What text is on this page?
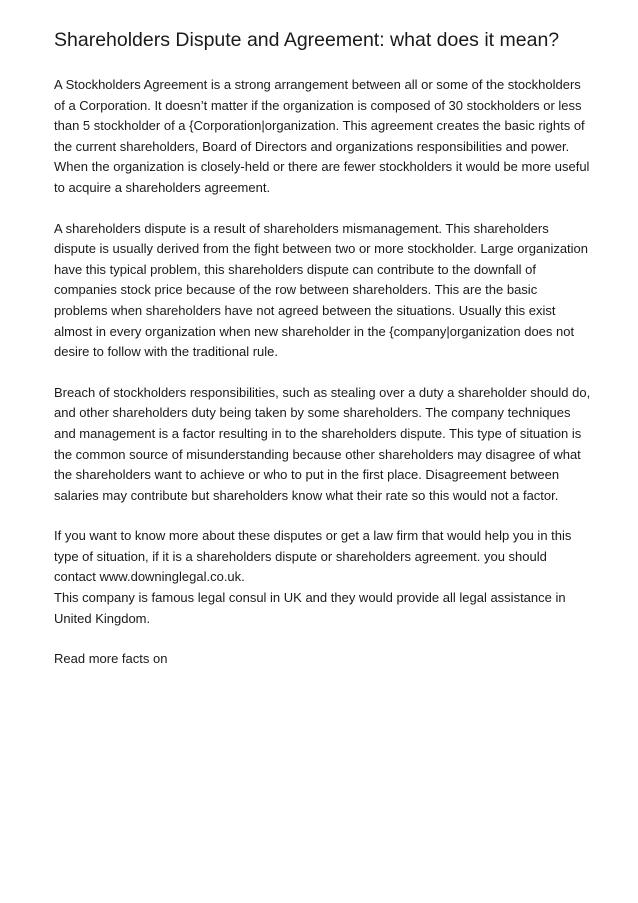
Shareholders Dispute and Agreement: what does it mean?

A Stockholders Agreement is a strong arrangement between all or some of the stockholders
of a Corporation. It doesn’t matter if the organization is composed of 30 stockholders or less
than 5 stockholder of a {Corporation|organization. This agreement creates the basic rights of
the current shareholders, Board of Directors and organizations responsibilities and power.
When the organization is closely-held or there are fewer stockholders it would be more useful
to acquire a shareholders agreement.

A shareholders dispute is a result of shareholders mismanagement. This shareholders
dispute is usually derived from the fight between two or more stockholder. Large organization
have this typical problem, this shareholders dispute can contribute to the downfall of
companies stock price because of the row between shareholders. This are the basic
problems when shareholders have not agreed between the situations. Usually this exist
almost in every organization when new shareholder in the {company|organization does not
desire to follow with the traditional rule.

Breach of stockholders responsibilities, such as stealing over a duty a shareholder should do,
and other shareholders duty being taken by some shareholders. The company techniques
and management is a factor resulting in to the shareholders dispute. This type of situation is
the common source of misunderstanding because other shareholders may disagree of what
the shareholders want to achieve or who to put in the first place. Disagreement between
salaries may contribute but shareholders know what their rate so this would not a factor.

If you want to know more about these disputes or get a law firm that would help you in this
type of situation, if it is a shareholders dispute or shareholders agreement. you should
contact www.downinglegal.co.uk.
This company is famous legal consul in UK and they would provide all legal assistance in
United Kingdom.

Read more facts on
